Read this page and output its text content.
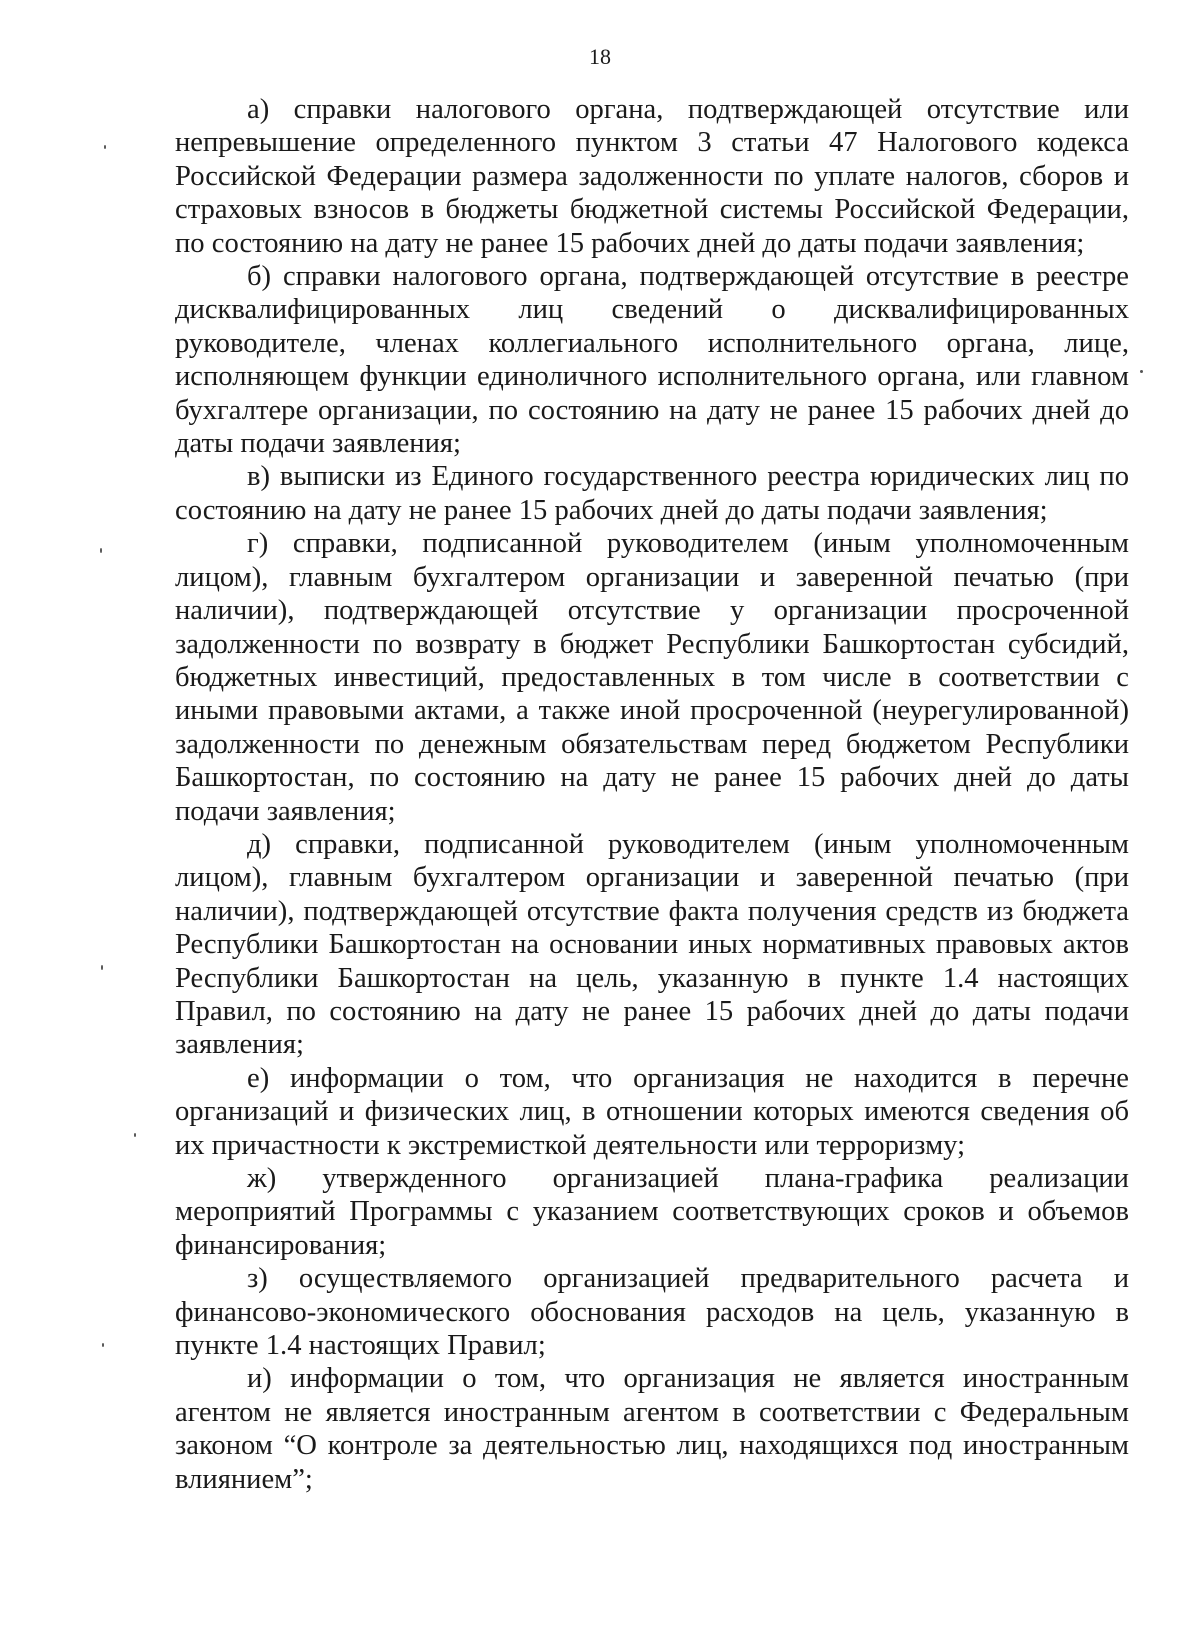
18

а) справки налогового органа, подтверждающей отсутствие или непревышение определенного пунктом 3 статьи 47 Налогового кодекса Российской Федерации размера задолженности по уплате налогов, сборов и страховых взносов в бюджеты бюджетной системы Российской Федерации, по состоянию на дату не ранее 15 рабочих дней до даты подачи заявления;

б) справки налогового органа, подтверждающей отсутствие в реестре дисквалифицированных лиц сведений о дисквалифицированных руководителе, членах коллегиального исполнительного органа, лице, исполняющем функции единоличного исполнительного органа, или главном бухгалтере организации, по состоянию на дату не ранее 15 рабочих дней до даты подачи заявления;

в) выписки из Единого государственного реестра юридических лиц по состоянию на дату не ранее 15 рабочих дней до даты подачи заявления;

г) справки, подписанной руководителем (иным уполномоченным лицом), главным бухгалтером организации и заверенной печатью (при наличии), подтверждающей отсутствие у организации просроченной задолженности по возврату в бюджет Республики Башкортостан субсидий, бюджетных инвестиций, предоставленных в том числе в соответствии с иными правовыми актами, а также иной просроченной (неурегулированной) задолженности по денежным обязательствам перед бюджетом Республики Башкортостан, по состоянию на дату не ранее 15 рабочих дней до даты подачи заявления;

д) справки, подписанной руководителем (иным уполномоченным лицом), главным бухгалтером организации и заверенной печатью (при наличии), подтверждающей отсутствие факта получения средств из бюджета Республики Башкортостан на основании иных нормативных правовых актов Республики Башкортостан на цель, указанную в пункте 1.4 настоящих Правил, по состоянию на дату не ранее 15 рабочих дней до даты подачи заявления;

е) информации о том, что организация не находится в перечне организаций и физических лиц, в отношении которых имеются сведения об их причастности к экстремисткой деятельности или терроризму;

ж) утвержденного организацией плана-графика реализации мероприятий Программы с указанием соответствующих сроков и объемов финансирования;

з) осуществляемого организацией предварительного расчета и финансово-экономического обоснования расходов на цель, указанную в пункте 1.4 настоящих Правил;

и) информации о том, что организация не является иностранным агентом не является иностранным агентом в соответствии с Федеральным законом “О контроле за деятельностью лиц, находящихся под иностранным влиянием”;
